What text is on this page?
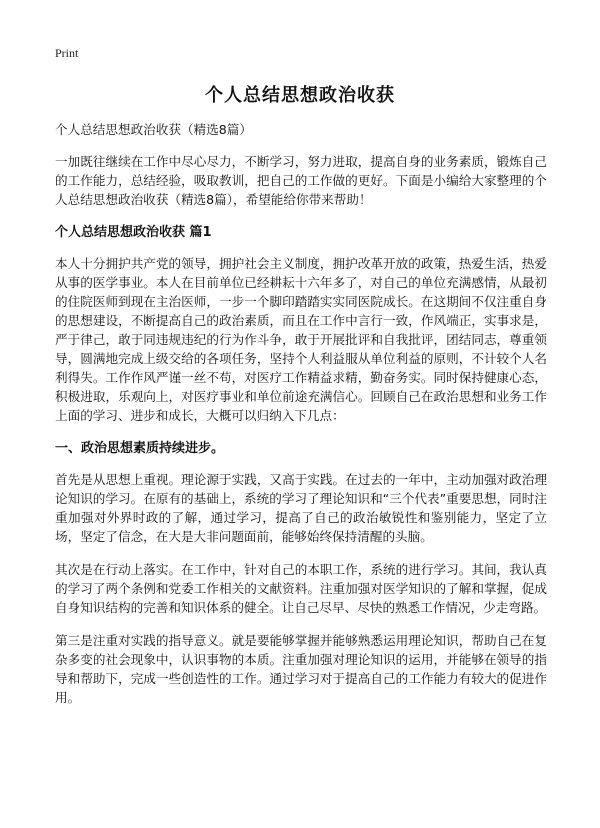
Print
个人总结思想政治收获

个人总结思想政治收获（精选8篇）

一加既往继续在工作中尽心尽力，不断学习，努力进取，提高自身的业务素质，锻炼自己的工作能力，总结经验，吸取教训，把自己的工作做的更好。下面是小编给大家整理的个人总结思想政治收获（精选8篇），希望能给你带来帮助！

个人总结思想政治收获 篇1

本人十分拥护共产党的领导，拥护社会主义制度，拥护改革开放的政策，热爱生活，热爱从事的医学事业。本人在目前单位已经耕耘十六年多了，对自己的单位充满感情，从最初的住院医师到现在主治医师，一步一个脚印踏踏实实同医院成长。在这期间不仅注重自身的思想建设，不断提高自己的政治素质，而且在工作中言行一致，作风端正，实事求是，严于律己，敢于同违规违纪的行为作斗争，敢于开展批评和自我批评，团结同志，尊重领导，圆满地完成上级交给的各项任务，坚持个人利益服从单位利益的原则，不计较个人名利得失。工作作风严谨一丝不苟，对医疗工作精益求精，勤奋务实。同时保持健康心态，积极进取，乐观向上，对医疗事业和单位前途充满信心。回顾自己在政治思想和业务工作上面的学习、进步和成长，大概可以归纳入下几点：

一、政治思想素质持续进步。

首先是从思想上重视。理论源于实践，又高于实践。在过去的一年中，主动加强对政治理论知识的学习。在原有的基础上，系统的学习了理论知识和“三个代表”重要思想，同时注重加强对外界时政的了解，通过学习，提高了自己的政治敏锐性和鉴别能力，坚定了立场，坚定了信念，在大是大非问题面前，能够始终保持清醒的头脑。

其次是在行动上落实。在工作中，针对自己的本职工作，系统的进行学习。其间，我认真的学习了两个条例和党委工作相关的文献资料。注重加强对医学知识的了解和掌握，促成自身知识结构的完善和知识体系的健全。让自己尽早、尽快的熟悉工作情况，少走弯路。

第三是注重对实践的指导意义。就是要能够掌握并能够熟悉运用理论知识，帮助自己在复杂多变的社会现象中，认识事物的本质。注重加强对理论知识的运用，并能够在领导的指导和帮助下，完成一些创造性的工作。通过学习对于提高自己的工作能力有较大的促进作用。
